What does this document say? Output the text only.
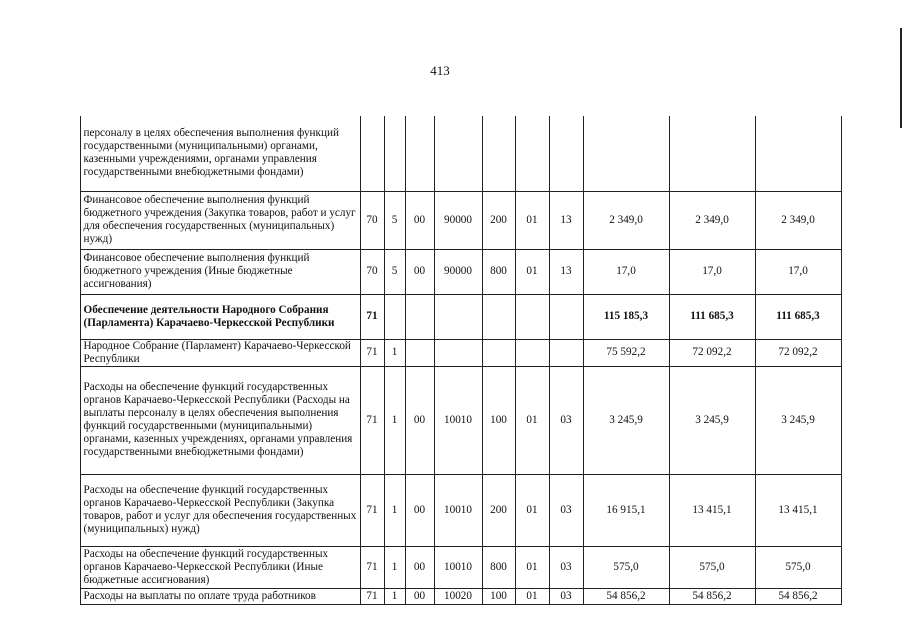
413
	персоналу в целях обеспечения выполнения функций государственными (муниципальными) органами, казенными учреждениями, органами управления государственными внебюджетными фондами)										
	Финансовое обеспечение выполнения функций бюджетного учреждения (Закупка товаров, работ и услуг для обеспечения государственных (муниципальных) нужд)	70	5	00	90000	200	01	13	2 349,0	2 349,0	2 349,0
	Финансовое обеспечение выполнения функций бюджетного учреждения (Иные бюджетные ассигнования)	70	5	00	90000	800	01	13	17,0	17,0	17,0
	Обеспечение деятельности Народного Собрания (Парламента) Карачаево-Черкесской Республики	71							115 185,3	111 685,3	111 685,3
	Народное Собрание (Парламент) Карачаево-Черкесской Республики	71	1						75 592,2	72 092,2	72 092,2
	Расходы на обеспечение функций государственных органов Карачаево-Черкесской Республики (Расходы на выплаты персоналу в целях обеспечения выполнения функций государственными (муниципальными) органами, казенных учреждениях, органами управления государственными внебюджетными фондами)	71	1	00	10010	100	01	03	3 245,9	3 245,9	3 245,9
	Расходы на обеспечение функций государственных органов Карачаево-Черкесской Республики (Закупка товаров, работ и услуг для обеспечения государственных (муниципальных) нужд)	71	1	00	10010	200	01	03	16 915,1	13 415,1	13 415,1
	Расходы на обеспечение функций государственных органов Карачаево-Черкесской Республики (Иные бюджетные ассигнования)	71	1	00	10010	800	01	03	575,0	575,0	575,0
	Расходы на выплаты по оплате труда работников	71	1	00	10020	100	01	03	54 856,2	54 856,2	54 856,2
